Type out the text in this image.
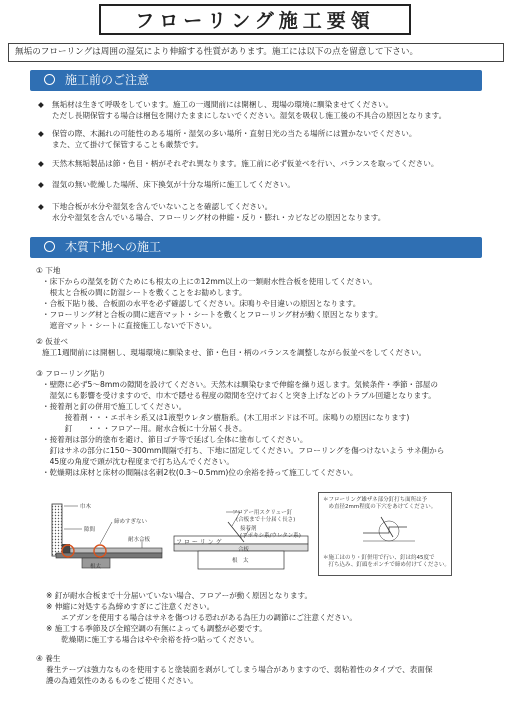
フローリング施工要領
無垢のフローリングは周囲の湿気により伸縮する性質があります。施工には以下の点を留意して下さい。
施工前のご注意
◆ 無垢材は生きて呼吸をしています。施工の一週間前には開梱し、現場の環境に馴染ませてください。
ただし長期保管する場合は梱包を開けたままにしないでください。湿気を吸収し施工後の不具合の原因となります。
◆ 保管の際、木漏れの可能性のある場所・湿気の多い場所・直射日光の当たる場所には置かないでください。
また、立て掛けて保管することも厳禁です。
◆ 天然木無垢製品は節・色目・柄がそれぞれ異なります。施工前に必ず仮並べを行い、バランスを取ってください。
◆ 湿気の無い乾燥した場所、床下換気が十分な場所に施工してください。
◆ 下地合板が水分や湿気を含んでいないことを確認してください。
水分や湿気を含んでいる場合、フローリング材の伸縮・反り・膨れ・カビなどの原因となります。
木質下地への施工
① 下地
・床下からの湿気を防ぐためにも根太の上に⑦12mm以上の一類耐水性合板を使用してください。
　根太と合板の間に防湿シートを敷くことをお勧めします。
・合板下貼り後、合板面の水平を必ず確認してください。床鳴りや目違いの原因となります。
・フローリング材と合板の間に遮音マット・シートを敷くとフローリング材が動く原因となります。
　遮音マット・シートに直接施工しないで下さい。
② 仮並べ
施工1週間前には開梱し、現場環境に馴染ませ、節・色目・柄のバランスを調整しながら仮並べをしてください。
③ フローリング貼り
・壁際に必ず5～8mmの隙間を設けてください。天然木は馴染むまで伸縮を繰り返します。気候条件・季節・部屋の
　湿気にも影響を受けますので、巾木で隠せる程度の隙間を空けておくと突き上げなどのトラブル回避となります。
・接着剤と釘の併用で施工してください。
　　　接着剤・・・エポキシ系又は1液型ウレタン樹脂系。(木工用ボンドは不可。床鳴りの原因になります)
　　　釘　　・・・フロアー用。耐水合板に十分届く長さ。
・接着剤は部分的塗布を避け、節目ゴテ等で延ばし全体に塗布してください。
　釘はサネの部分に150～300mm間隔で打ち、下地に固定してください。フローリングを傷つけないよう サネ側から
　45度の角度で頭が沈む程度まで打ち込んでください。
・乾燥期は床材と床材の間隔は名刺2枚(0.3～0.5mm)位の余裕を持って施工してください。
巾木
隙間
締めすぎない
耐水合板
根太
フロアー用スクリュー釘
(合板まで十分届く長さ)
接着剤
(エポキシ系/ウレタン系)
フ ロ ー リ ン グ
合板
根　太
＊フローリング雄ザネ部分釘打ち面所は予
　め直径2mm程度の下穴をあけてください。
＊施工はのり・釘併用で行い、釘は約45度で
　打ち込み、釘頭をポンチで締め付けてください。
※ 釘が耐水合板まで十分届いていない場合、フロアーが動く原因となります。
※ 伸縮に対処する為締めすぎにご注意ください。
　　エアガンを使用する場合はサネを傷つける恐れがある為圧力の調節にご注意ください。
※ 施工する季節及び全館空調の有無によっても調整が必要です。
　　乾燥期に施工する場合はやや余裕を持つ貼ってください。
④ 養生
養生テープは強力なものを使用すると塗装面を剥がしてしまう場合がありますので、弱粘着性のタイプで、表面保
護の為通気性のあるものをご使用ください。
